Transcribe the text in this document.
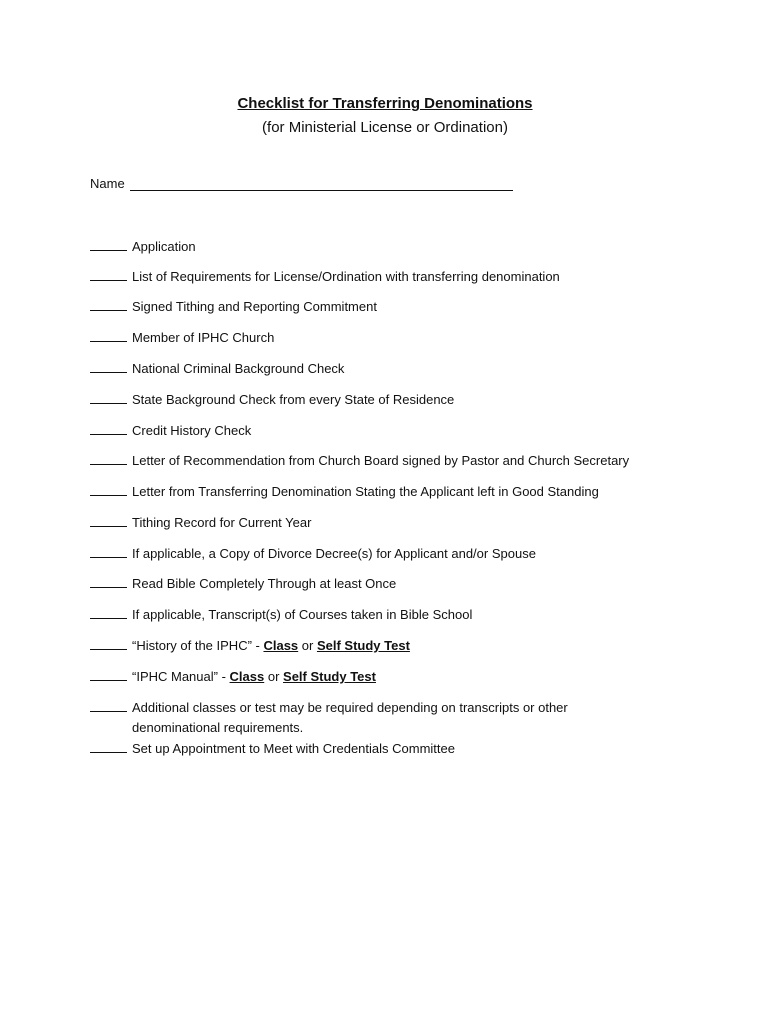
Checklist for Transferring Denominations
(for Ministerial License or Ordination)
Name
Application
List of Requirements for License/Ordination with transferring denomination
Signed Tithing and Reporting Commitment
Member of IPHC Church
National Criminal Background Check
State Background Check from every State of Residence
Credit History Check
Letter of Recommendation from Church Board signed by Pastor and Church Secretary
Letter from Transferring Denomination Stating the Applicant left in Good Standing
Tithing Record for Current Year
If applicable, a Copy of Divorce Decree(s) for Applicant and/or Spouse
Read Bible Completely Through at least Once
If applicable, Transcript(s) of Courses taken in Bible School
“History of the IPHC” - Class or Self Study Test
“IPHC Manual” - Class or Self Study Test
Additional classes or test may be required depending on transcripts or other
denominational requirements.
Set up Appointment to Meet with Credentials Committee
